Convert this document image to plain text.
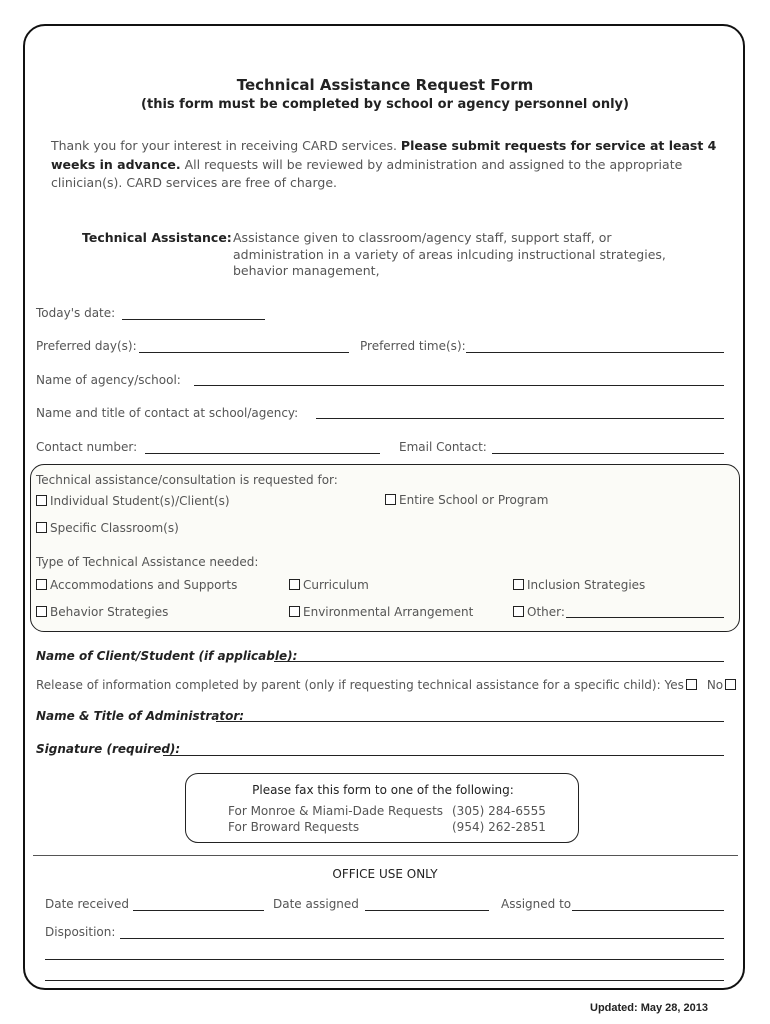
Technical Assistance Request Form
(this form must be completed by school or agency personnel only)
Thank you for your interest in receiving CARD services. Please submit requests for service at least 4 weeks in advance. All requests will be reviewed by administration and assigned to the appropriate clinician(s). CARD services are free of charge.
Technical Assistance: Assistance given to classroom/agency staff, support staff, or
administration in a variety of areas inlcuding instructional strategies,
behavior management,
Today's date:
Preferred day(s):	Preferred time(s):
Name of agency/school:
Name and title of contact at school/agency:
Contact number:	Email Contact:
Technical assistance/consultation is requested for:
Individual Student(s)/Client(s)	Entire School or Program
Specific Classroom(s)
Type of Technical Assistance needed:
Accommodations and Supports	Curriculum	Inclusion Strategies
Behavior Strategies	Environmental Arrangement	Other:
Name of Client/Student (if applicable):
Release of information completed by parent (only if requesting technical assistance for a specific child): Yes No
Name & Title of Administrator:
Signature (required):
Please fax this form to one of the following:
For Monroe & Miami-Dade Requests (305) 284-6555
For Broward Requests	(954) 262-2851
OFFICE USE ONLY
Date received	Date assigned	Assigned to
Disposition:
Updated: May 28, 2013
